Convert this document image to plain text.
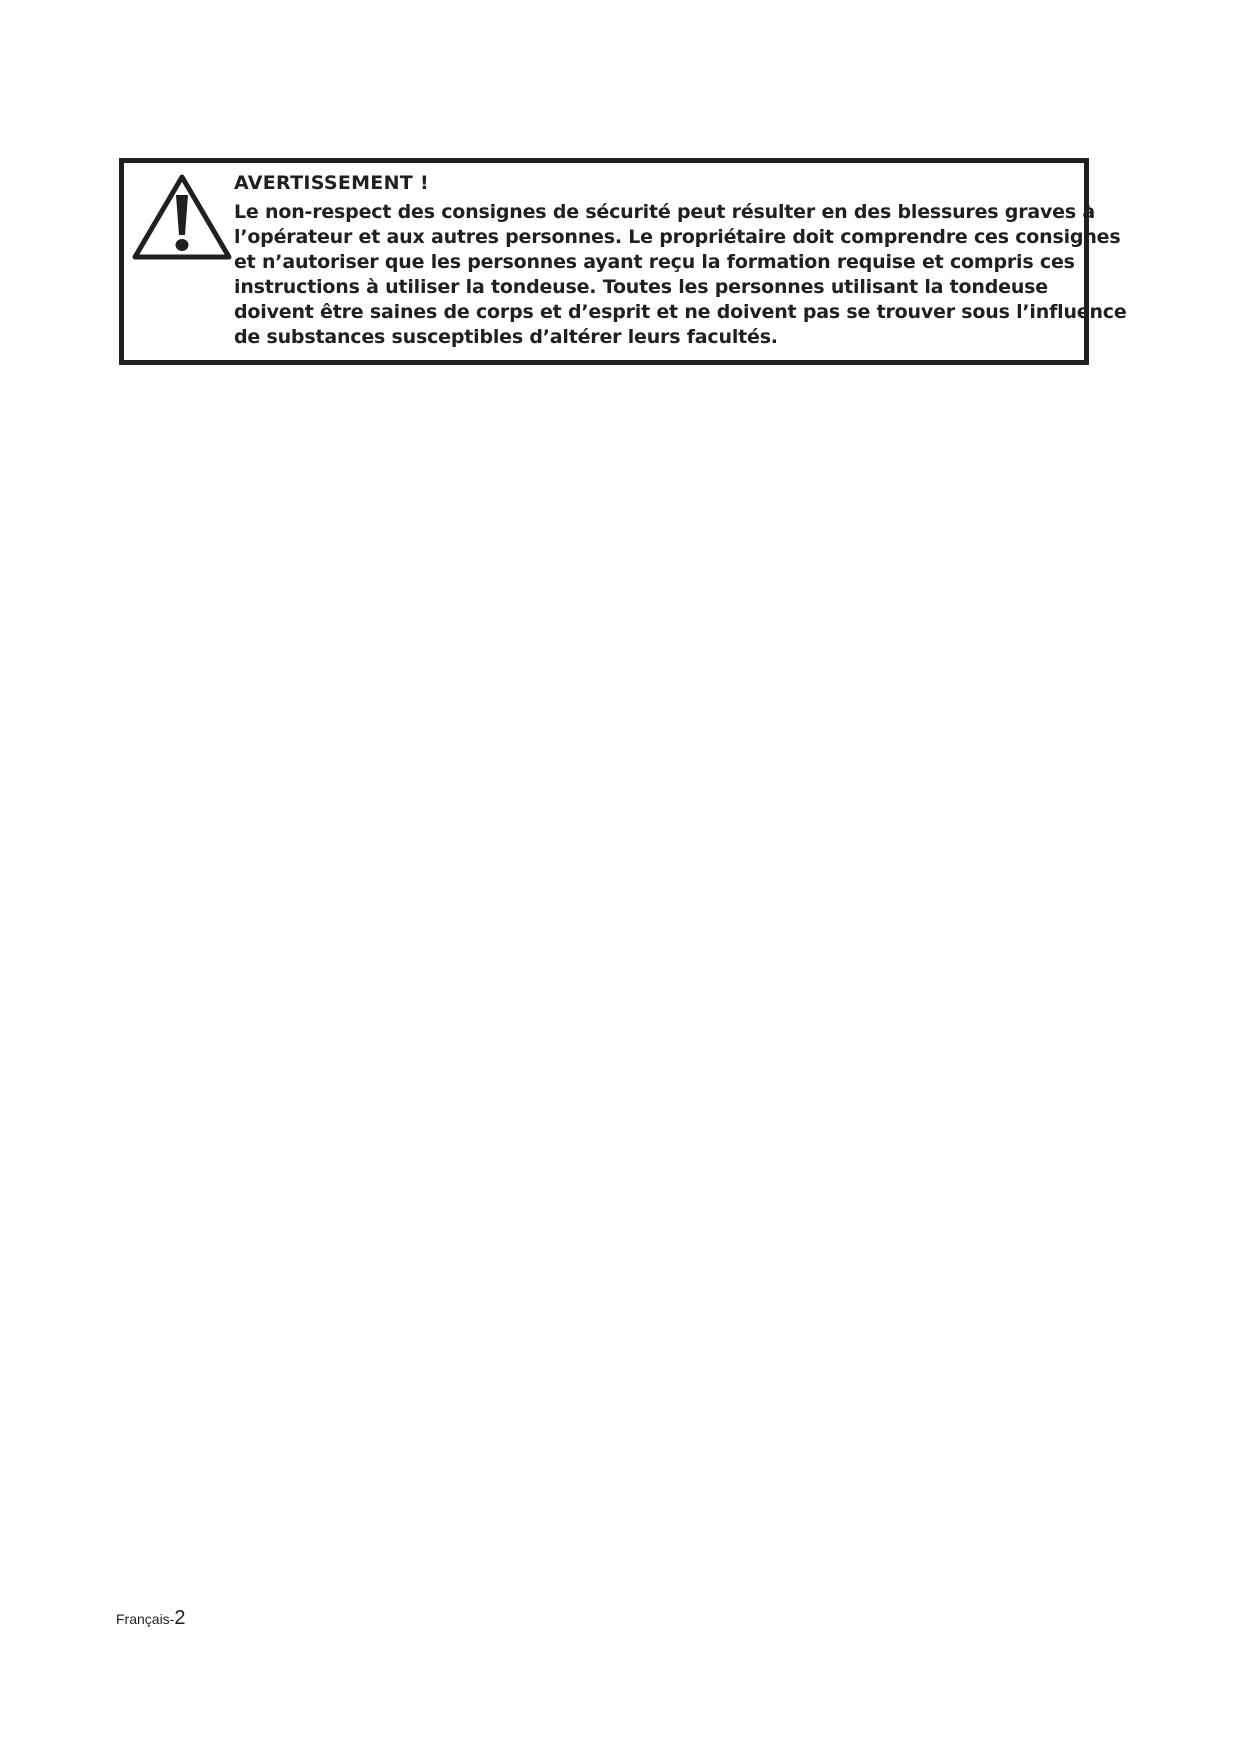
AVERTISSEMENT !

Le non-respect des consignes de sécurité peut résulter en des blessures graves à
l’opérateur et aux autres personnes. Le propriétaire doit comprendre ces consignes
et n’autoriser que les personnes ayant reçu la formation requise et compris ces
instructions à utiliser la tondeuse. Toutes les personnes utilisant la tondeuse
doivent être saines de corps et d’esprit et ne doivent pas se trouver sous l’influence
de substances susceptibles d’altérer leurs facultés.

Français-2
